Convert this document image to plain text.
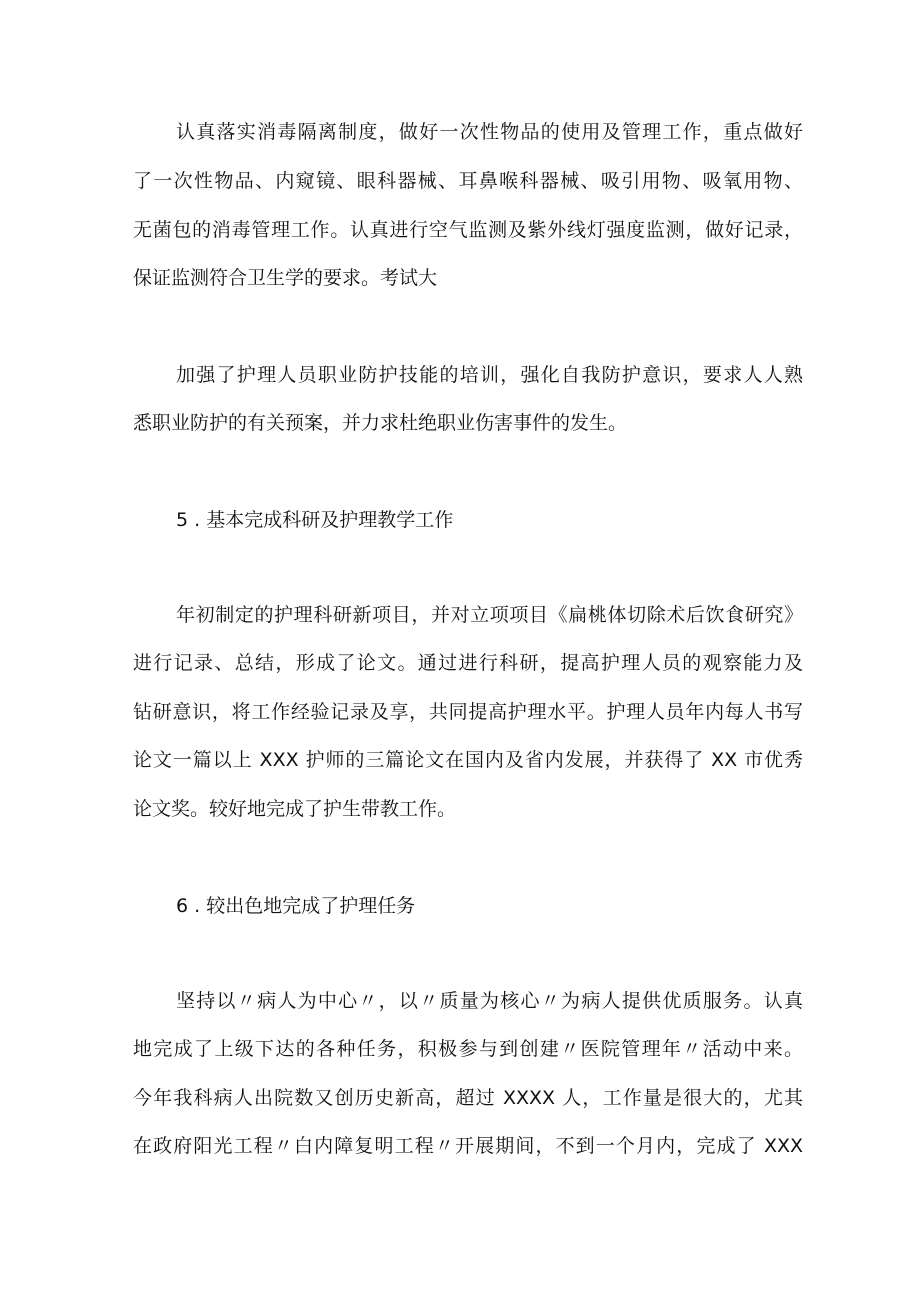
认真落实消毒隔离制度，做好一次性物品的使用及管理工作，重点做好
了一次性物品、内窥镜、眼科器械、耳鼻喉科器械、吸引用物、吸氧用物、
无菌包的消毒管理工作。认真进行空气监测及紫外线灯强度监测，做好记录，
保证监测符合卫生学的要求。考试大
加强了护理人员职业防护技能的培训，强化自我防护意识，要求人人熟
悉职业防护的有关预案，并力求杜绝职业伤害事件的发生。
5 . 基本完成科研及护理教学工作
年初制定的护理科研新项目，并对立项项目《扁桃体切除术后饮食研究》
进行记录、总结，形成了论文。通过进行科研，提高护理人员的观察能力及
钻研意识，将工作经验记录及享，共同提高护理水平。护理人员年内每人书写
论文一篇以上 XXX 护师的三篇论文在国内及省内发展，并获得了 XX 市优秀
论文奖。较好地完成了护生带教工作。
6 . 较出色地完成了护理任务
坚持以〃病人为中心〃，以〃质量为核心〃为病人提供优质服务。认真
地完成了上级下达的各种任务，积极参与到创建〃医院管理年〃活动中来。
今年我科病人出院数又创历史新高，超过 XXXX 人，工作量是很大的，尤其
在政府阳光工程〃白内障复明工程〃开展期间，不到一个月内，完成了 XXX
